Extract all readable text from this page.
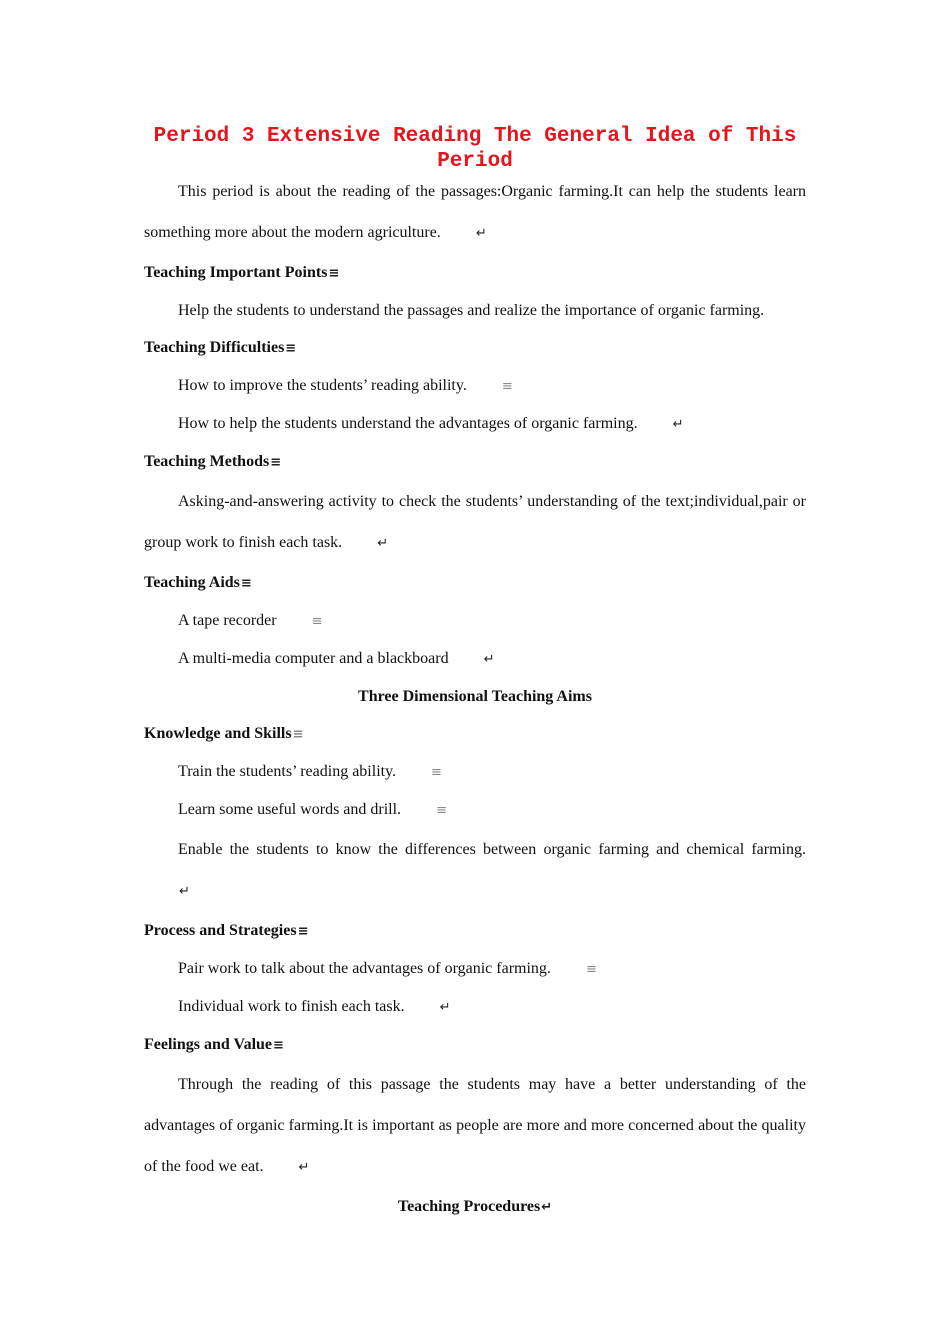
Period 3 Extensive Reading The General Idea of This
Period

This period is about the reading of the passages:Organic farming.It can help the students learn something more about the modern agriculture.	↵

Teaching Important Points≡

Help the students to understand the passages and realize the importance of organic farming.

Teaching Difficulties≡

How to improve the students’ reading ability.	≡

How to help the students understand the advantages of organic farming.	↵

Teaching Methods≡

Asking-and-answering activity to check the students’ understanding of the text;individual,pair or group work to finish each task.	↵

Teaching Aids≡

A tape recorder	≡

A multi-media computer and a blackboard	↵

Three Dimensional Teaching Aims

Knowledge and Skills≡

Train the students’ reading ability.	≡

Learn some useful words and drill.	≡

Enable the students to know the differences between organic farming and chemical farming.↵

Process and Strategies≡

Pair work to talk about the advantages of organic farming.	≡

Individual work to finish each task.	↵

Feelings and Value≡

Through the reading of this passage the students may have a better understanding of the advantages of organic farming.It is important as people are more and more concerned about the quality of the food we eat.	↵

Teaching Procedures↵
